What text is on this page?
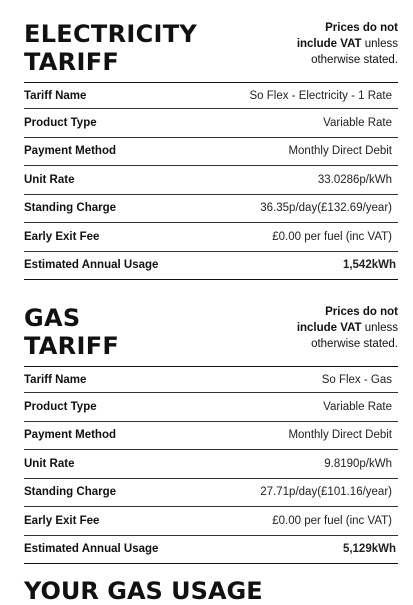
ELECTRICITY
TARIFF
Prices do not
include VAT unless
otherwise stated.
Tariff Name	So Flex - Electricity - 1 Rate
Product Type	Variable Rate
Payment Method	Monthly Direct Debit
Unit Rate	33.0286p/kWh
Standing Charge	36.35p/day(£132.69/year)
Early Exit Fee	£0.00 per fuel (inc VAT)
Estimated Annual Usage	1,542kWh
GAS
TARIFF
Prices do not
include VAT unless
otherwise stated.
Tariff Name	So Flex - Gas
Product Type	Variable Rate
Payment Method	Monthly Direct Debit
Unit Rate	9.8190p/kWh
Standing Charge	27.71p/day(£101.16/year)
Early Exit Fee	£0.00 per fuel (inc VAT)
Estimated Annual Usage	5,129kWh
YOUR GAS USAGE
